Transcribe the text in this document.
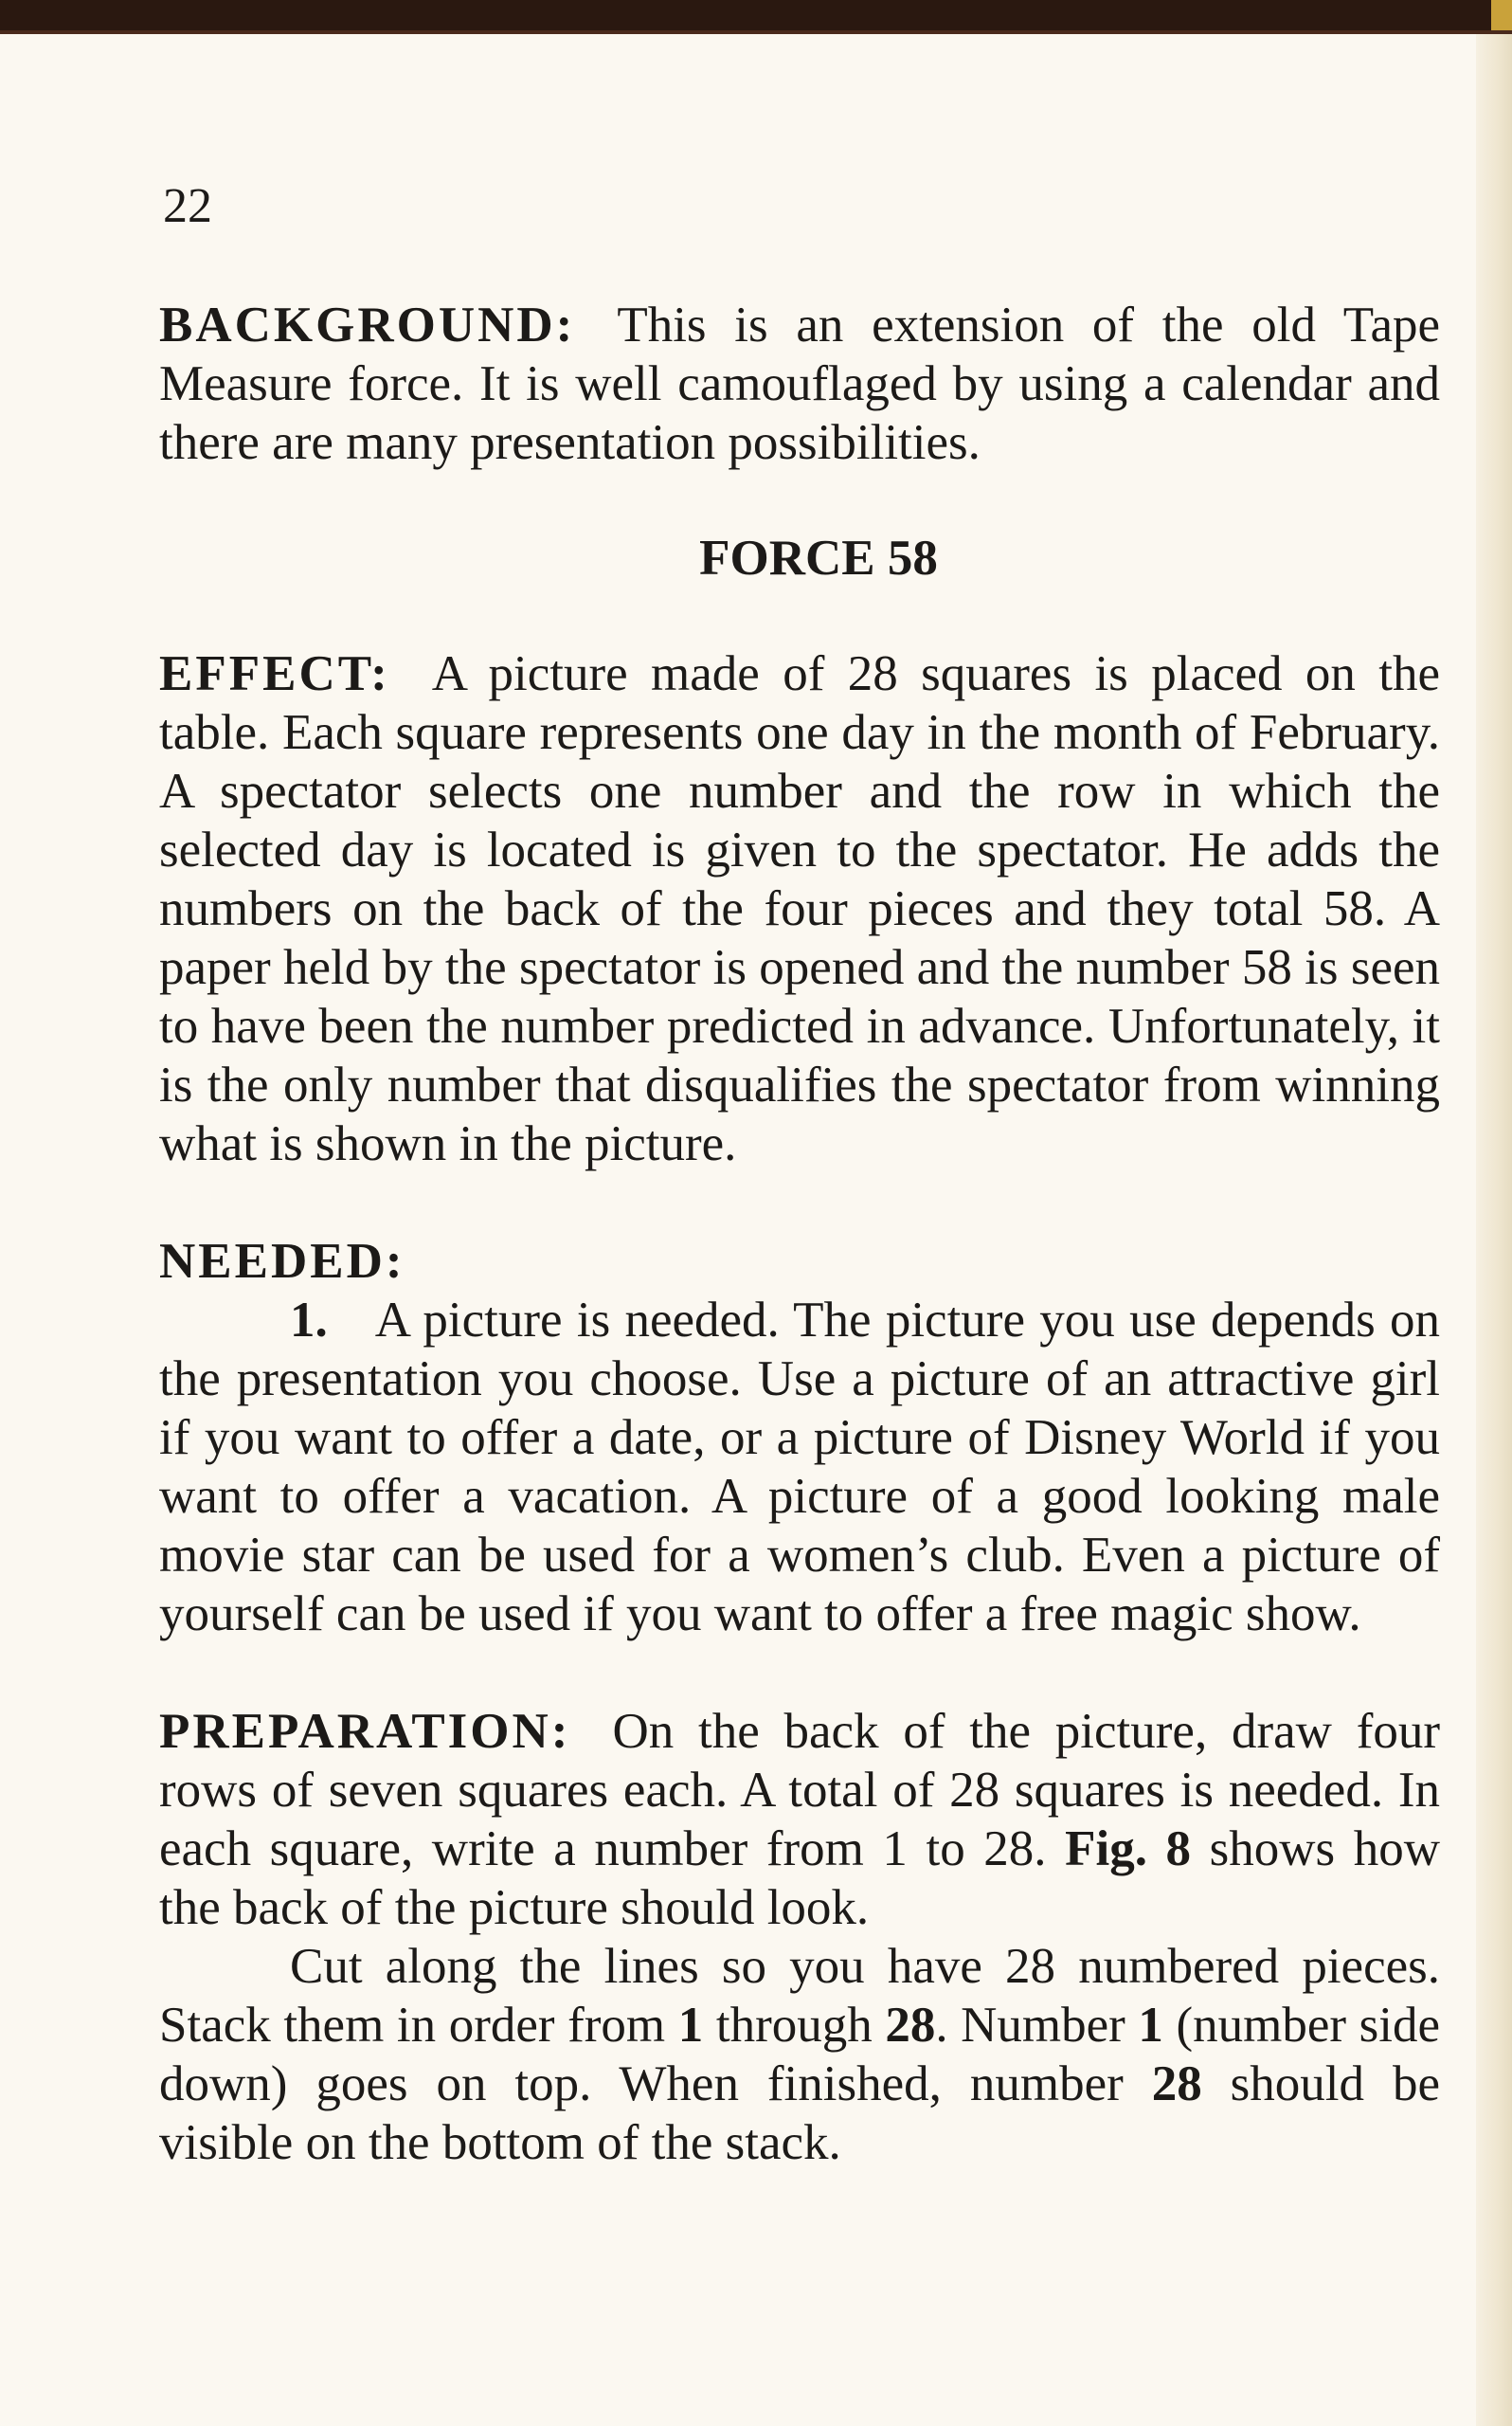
22

BACKGROUND: This is an extension of the old Tape Measure force. It is well camouflaged by using a calendar and there are many presentation possibilities.

FORCE 58

EFFECT: A picture made of 28 squares is placed on the table. Each square represents one day in the month of February. A spectator selects one number and the row in which the selected day is located is given to the spectator. He adds the numbers on the back of the four pieces and they total 58. A paper held by the spectator is opened and the number 58 is seen to have been the number predicted in advance. Unfortunately, it is the only number that disqualifies the spectator from winning what is shown in the picture.

NEEDED:

1. A picture is needed. The picture you use depends on the presentation you choose. Use a picture of an attractive girl if you want to offer a date, or a picture of Disney World if you want to offer a vacation. A picture of a good looking male movie star can be used for a women’s club. Even a picture of yourself can be used if you want to offer a free magic show.

PREPARATION: On the back of the picture, draw four rows of seven squares each. A total of 28 squares is needed. In each square, write a number from 1 to 28. Fig. 8 shows how the back of the picture should look.

Cut along the lines so you have 28 numbered pieces. Stack them in order from 1 through 28. Number 1 (number side down) goes on top. When finished, number 28 should be visible on the bottom of the stack.
